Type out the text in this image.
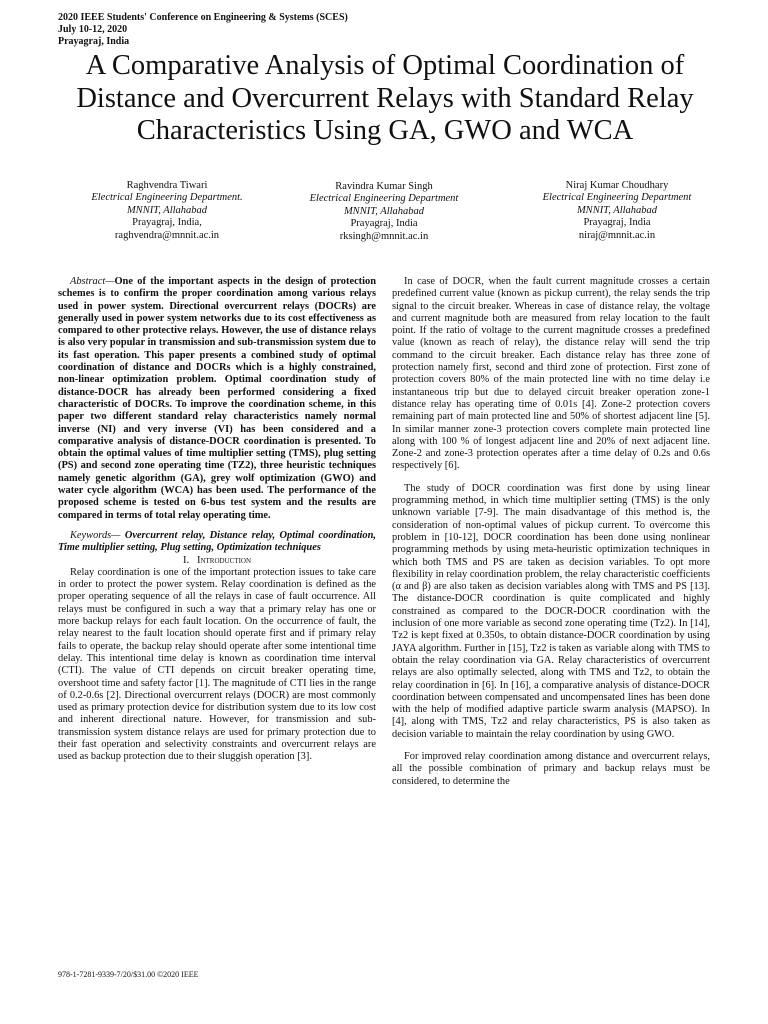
2020 IEEE Students' Conference on Engineering & Systems (SCES)
July 10-12, 2020
Prayagraj, India
A Comparative Analysis of Optimal Coordination of Distance and Overcurrent Relays with Standard Relay Characteristics Using GA, GWO and WCA
Raghvendra Tiwari
Electrical Engineering Department.
MNNIT, Allahabad
Prayagraj, India,
raghvendra@mnnit.ac.in
Ravindra Kumar Singh
Electrical Engineering Department
MNNIT, Allahabad
Prayagraj, India
rksingh@mnnit.ac.in
Niraj Kumar Choudhary
Electrical Engineering Department
MNNIT, Allahabad
Prayagraj, India
niraj@mnnit.ac.in

Abstract—One of the important aspects in the design of protection schemes is to confirm the proper coordination among various relays used in power system. Directional overcurrent relays (DOCRs) are generally used in power system networks due to its cost effectiveness as compared to other protective relays. However, the use of distance relays is also very popular in transmission and sub-transmission system due to its fast operation. This paper presents a combined study of optimal coordination of distance and DOCRs which is a highly constrained, non-linear optimization problem. Optimal coordination study of distance-DOCR has already been performed considering a fixed characteristic of DOCRs. To improve the coordination scheme, in this paper two different standard relay characteristics namely normal inverse (NI) and very inverse (VI) has been considered and a comparative analysis of distance-DOCR coordination is presented. To obtain the optimal values of time multiplier setting (TMS), plug setting (PS) and second zone operating time (TZ2), three heuristic techniques namely genetic algorithm (GA), grey wolf optimization (GWO) and water cycle algorithm (WCA) has been used. The performance of the proposed scheme is tested on 6-bus test system and the results are compared in terms of total relay operating time.

Keywords— Overcurrent relay, Distance relay, Optimal coordination, Time multiplier setting, Plug setting, Optimization techniques

I. Introduction

Relay coordination is one of the important protection issues to take care in order to protect the power system. Relay coordination is defined as the proper operating sequence of all the relays in case of fault occurrence. All relays must be configured in such a way that a primary relay has one or more backup relays for each fault location. On the occurrence of fault, the relay nearest to the fault location should operate first and if primary relay fails to operate, the backup relay should operate after some intentional time delay. This intentional time delay is known as coordination time interval (CTI). The value of CTI depends on circuit breaker operating time, overshoot time and safety factor [1]. The magnitude of CTI lies in the range of 0.2-0.6s [2]. Directional overcurrent relays (DOCR) are most commonly used as primary protection device for distribution system due to its low cost and inherent directional nature. However, for transmission and sub-transmission system distance relays are used for primary protection due to their fast operation and selectivity constraints and overcurrent relays are used as backup protection due to their sluggish operation [3].

In case of DOCR, when the fault current magnitude crosses a certain predefined current value (known as pickup current), the relay sends the trip signal to the circuit breaker. Whereas in case of distance relay, the voltage and current magnitude both are measured from relay location to the fault point. If the ratio of voltage to the current magnitude crosses a predefined value (known as reach of relay), the distance relay will send the trip command to the circuit breaker. Each distance relay has three zone of protection namely first, second and third zone of protection. First zone of protection covers 80% of the main protected line with no time delay i.e instantaneous trip but due to delayed circuit breaker operation zone-1 distance relay has operating time of 0.01s [4]. Zone-2 protection covers remaining part of main protected line and 50% of shortest adjacent line [5]. In similar manner zone-3 protection covers complete main protected line along with 100 % of longest adjacent line and 20% of next adjacent line. Zone-2 and zone-3 protection operates after a time delay of 0.2s and 0.6s respectively [6].

The study of DOCR coordination was first done by using linear programming method, in which time multiplier setting (TMS) is the only unknown variable [7-9]. The main disadvantage of this method is, the consideration of non-optimal values of pickup current. To overcome this problem in [10-12], DOCR coordination has been done using nonlinear programming methods by using meta-heuristic optimization techniques in which both TMS and PS are taken as decision variables. To opt more flexibility in relay coordination problem, the relay characteristic coefficients (α and β) are also taken as decision variables along with TMS and PS [13]. The distance-DOCR coordination is quite complicated and highly constrained as compared to the DOCR-DOCR coordination with the inclusion of one more variable as second zone operating time (Tz2). In [14], Tz2 is kept fixed at 0.350s, to obtain distance-DOCR coordination by using JAYA algorithm. Further in [15], Tz2 is taken as variable along with TMS to obtain the relay coordination via GA. Relay characteristics of overcurrent relays are also optimally selected, along with TMS and Tz2, to obtain the relay coordination in [6]. In [16], a comparative analysis of distance-DOCR coordination between compensated and uncompensated lines has been done with the help of modified adaptive particle swarm analysis (MAPSO). In [4], along with TMS, Tz2 and relay characteristics, PS is also taken as decision variable to maintain the relay coordination by using GWO.

For improved relay coordination among distance and overcurrent relays, all the possible combination of primary and backup relays must be considered, to determine the

978-1-7281-9339-7/20/$31.00 ©2020 IEEE
